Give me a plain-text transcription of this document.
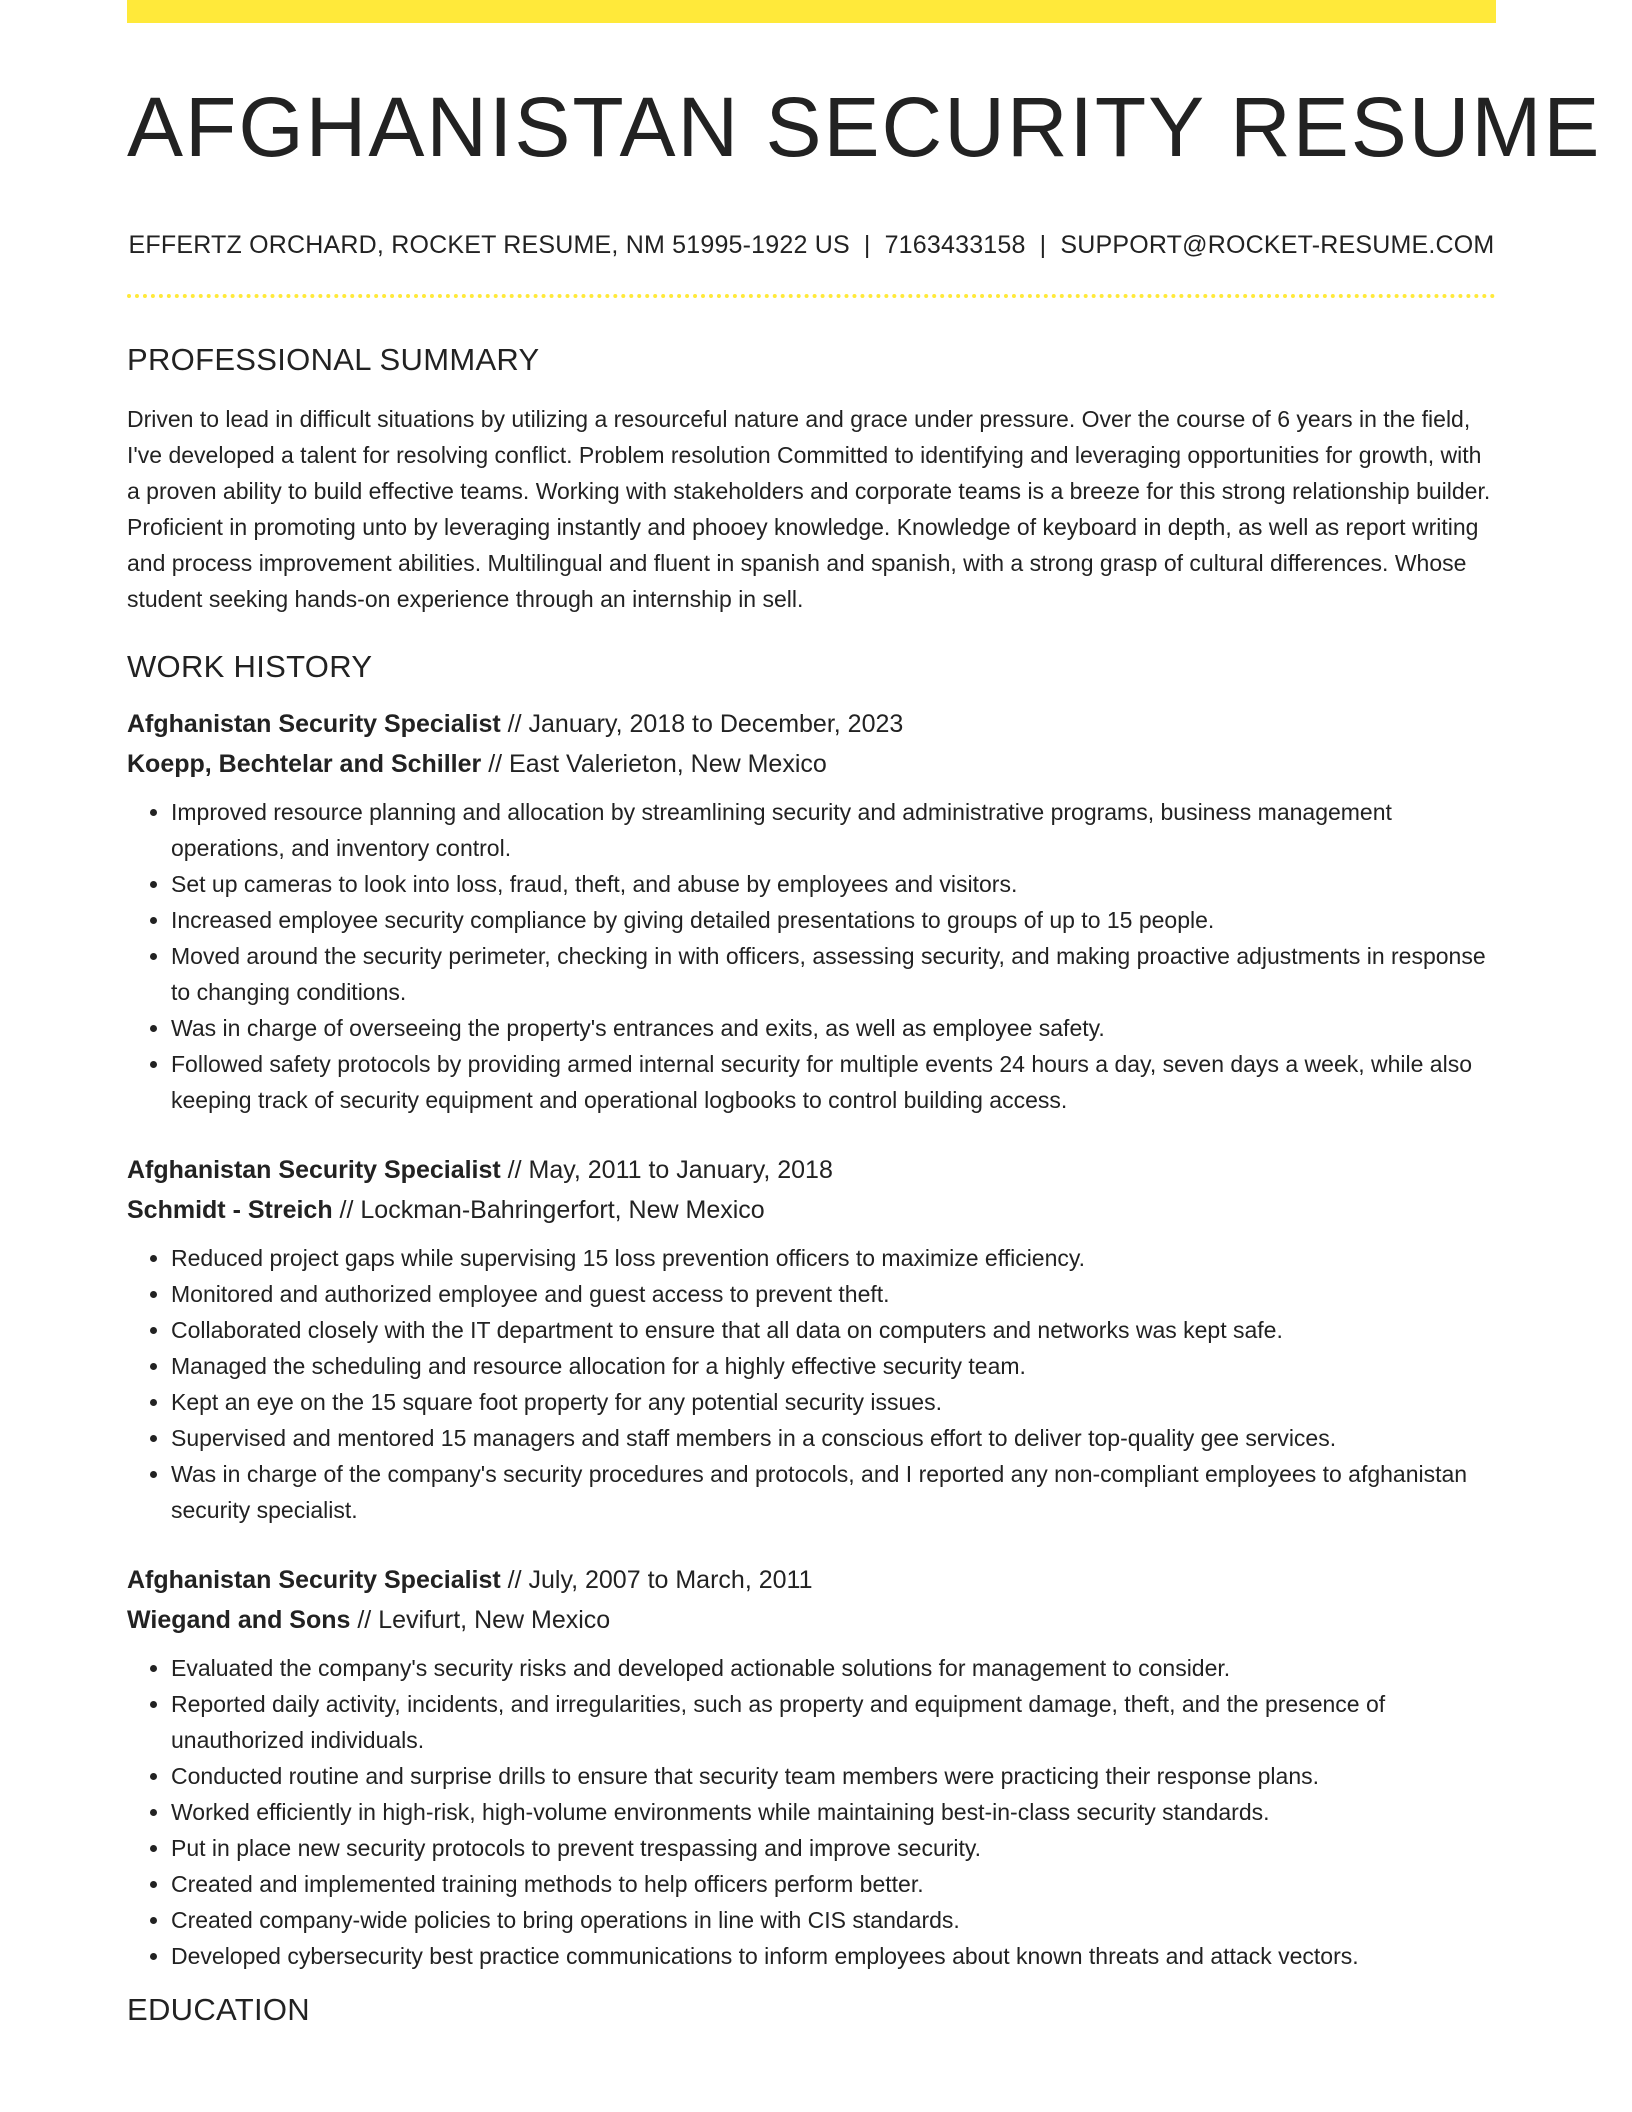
AFGHANISTAN SECURITY RESUME
EFFERTZ ORCHARD, ROCKET RESUME, NM 51995-1922 US | 7163433158 | SUPPORT@ROCKET-RESUME.COM
PROFESSIONAL SUMMARY

Driven to lead in difficult situations by utilizing a resourceful nature and grace under pressure. Over the course of 6 years in the field, I've developed a talent for resolving conflict. Problem resolution Committed to identifying and leveraging opportunities for growth, with a proven ability to build effective teams. Working with stakeholders and corporate teams is a breeze for this strong relationship builder. Proficient in promoting unto by leveraging instantly and phooey knowledge. Knowledge of keyboard in depth, as well as report writing and process improvement abilities. Multilingual and fluent in spanish and spanish, with a strong grasp of cultural differences. Whose student seeking hands-on experience through an internship in sell.

WORK HISTORY
Afghanistan Security Specialist // January, 2018 to December, 2023
Koepp, Bechtelar and Schiller // East Valerieton, New Mexico
• Improved resource planning and allocation by streamlining security and administrative programs, business management operations, and inventory control.
• Set up cameras to look into loss, fraud, theft, and abuse by employees and visitors.
• Increased employee security compliance by giving detailed presentations to groups of up to 15 people.
• Moved around the security perimeter, checking in with officers, assessing security, and making proactive adjustments in response to changing conditions.
• Was in charge of overseeing the property's entrances and exits, as well as employee safety.
• Followed safety protocols by providing armed internal security for multiple events 24 hours a day, seven days a week, while also keeping track of security equipment and operational logbooks to control building access.
Afghanistan Security Specialist // May, 2011 to January, 2018
Schmidt - Streich // Lockman-Bahringerfort, New Mexico
• Reduced project gaps while supervising 15 loss prevention officers to maximize efficiency.
• Monitored and authorized employee and guest access to prevent theft.
• Collaborated closely with the IT department to ensure that all data on computers and networks was kept safe.
• Managed the scheduling and resource allocation for a highly effective security team.
• Kept an eye on the 15 square foot property for any potential security issues.
• Supervised and mentored 15 managers and staff members in a conscious effort to deliver top-quality gee services.
• Was in charge of the company's security procedures and protocols, and I reported any non-compliant employees to afghanistan security specialist.
Afghanistan Security Specialist // July, 2007 to March, 2011
Wiegand and Sons // Levifurt, New Mexico
• Evaluated the company's security risks and developed actionable solutions for management to consider.
• Reported daily activity, incidents, and irregularities, such as property and equipment damage, theft, and the presence of unauthorized individuals.
• Conducted routine and surprise drills to ensure that security team members were practicing their response plans.
• Worked efficiently in high-risk, high-volume environments while maintaining best-in-class security standards.
• Put in place new security protocols to prevent trespassing and improve security.
• Created and implemented training methods to help officers perform better.
• Created company-wide policies to bring operations in line with CIS standards.
• Developed cybersecurity best practice communications to inform employees about known threats and attack vectors.
EDUCATION
